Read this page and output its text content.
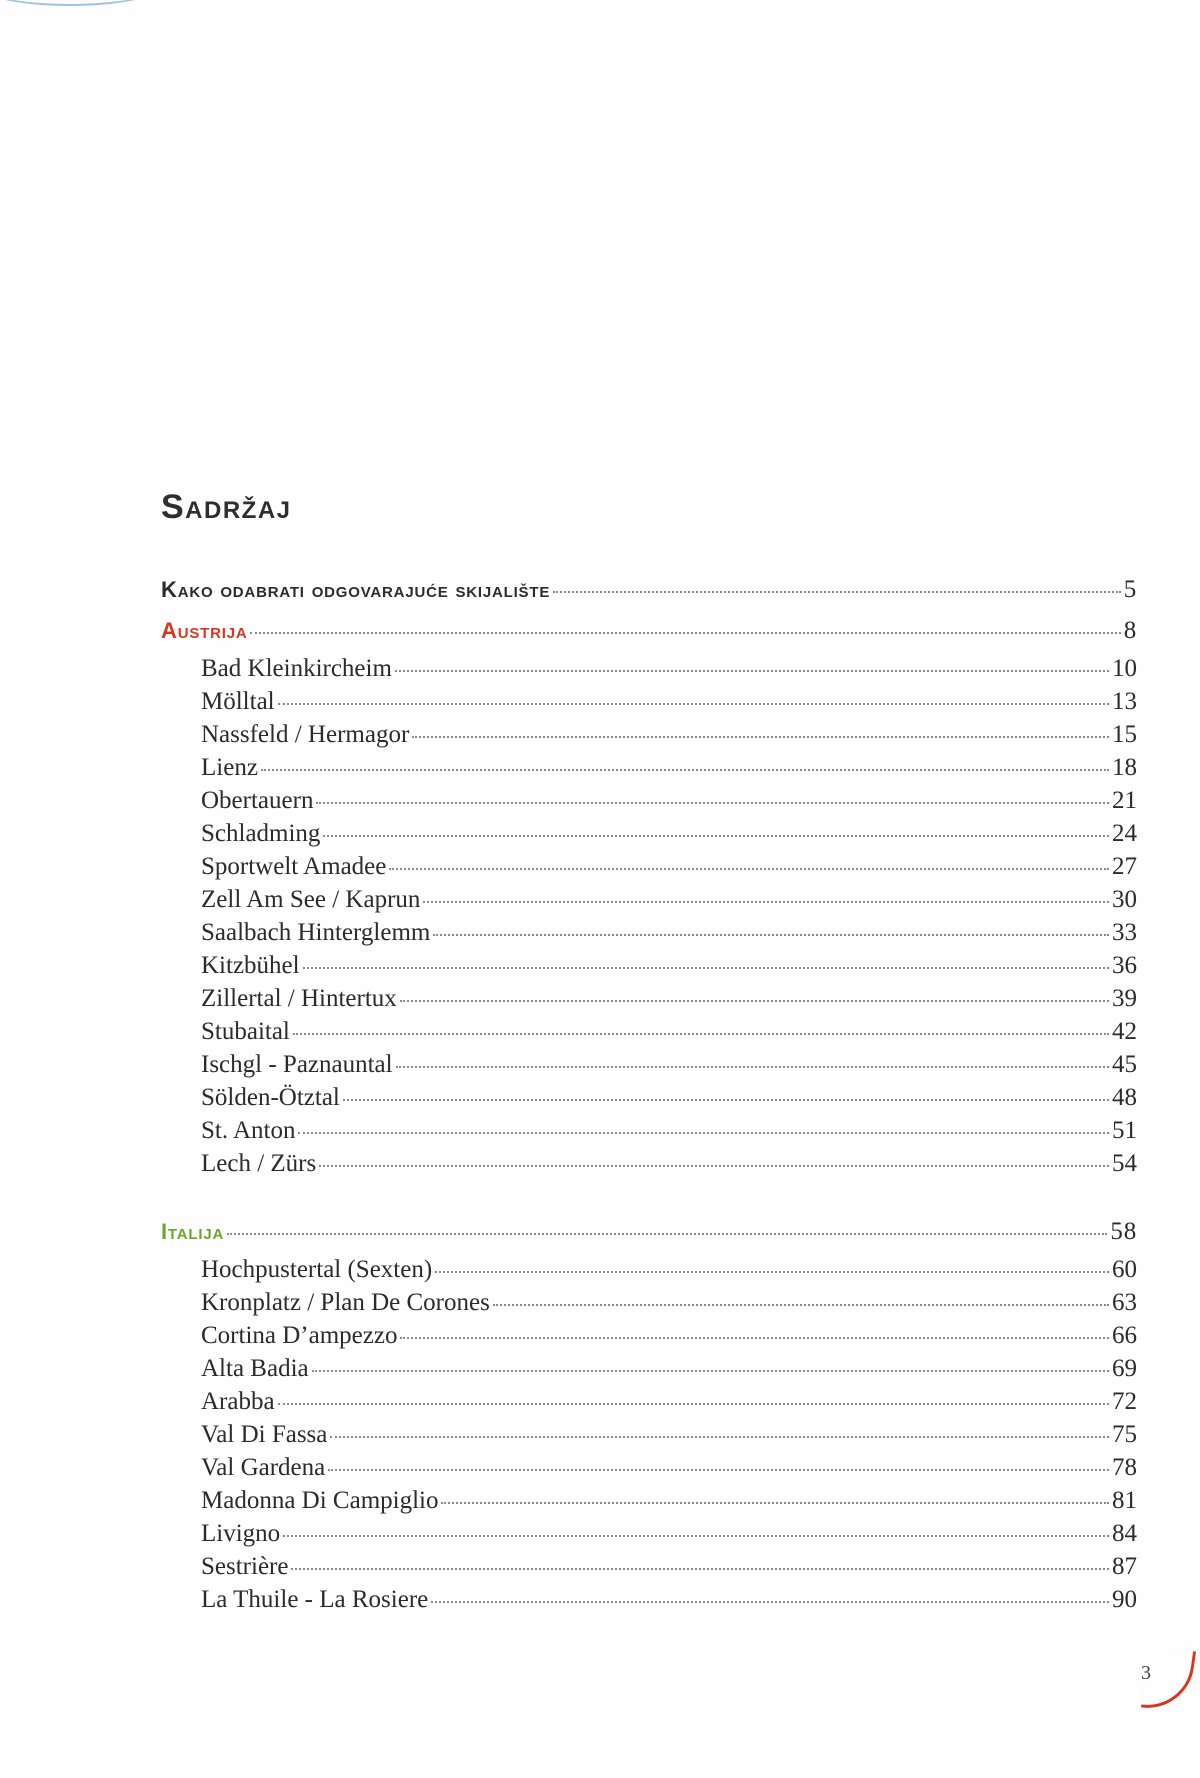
Sadržaj
Kako odabrati odgovarajuće skijalište	5
Austrija	8
Bad Kleinkircheim	10
Mölltal	13
Nassfeld / Hermagor	15
Lienz	18
Obertauern	21
Schladming	24
Sportwelt Amadee	27
Zell Am See / Kaprun	30
Saalbach Hinterglemm	33
Kitzbühel	36
Zillertal / Hintertux	39
Stubaital	42
Ischgl - Paznauntal	45
Sölden-Ötztal	48
St. Anton	51
Lech / Zürs	54
Italija	58
Hochpustertal (Sexten)	60
Kronplatz / Plan De Corones	63
Cortina D’ampezzo	66
Alta Badia	69
Arabba	72
Val Di Fassa	75
Val Gardena	78
Madonna Di Campiglio	81
Livigno	84
Sestrière	87
La Thuile - La Rosiere	90
3
